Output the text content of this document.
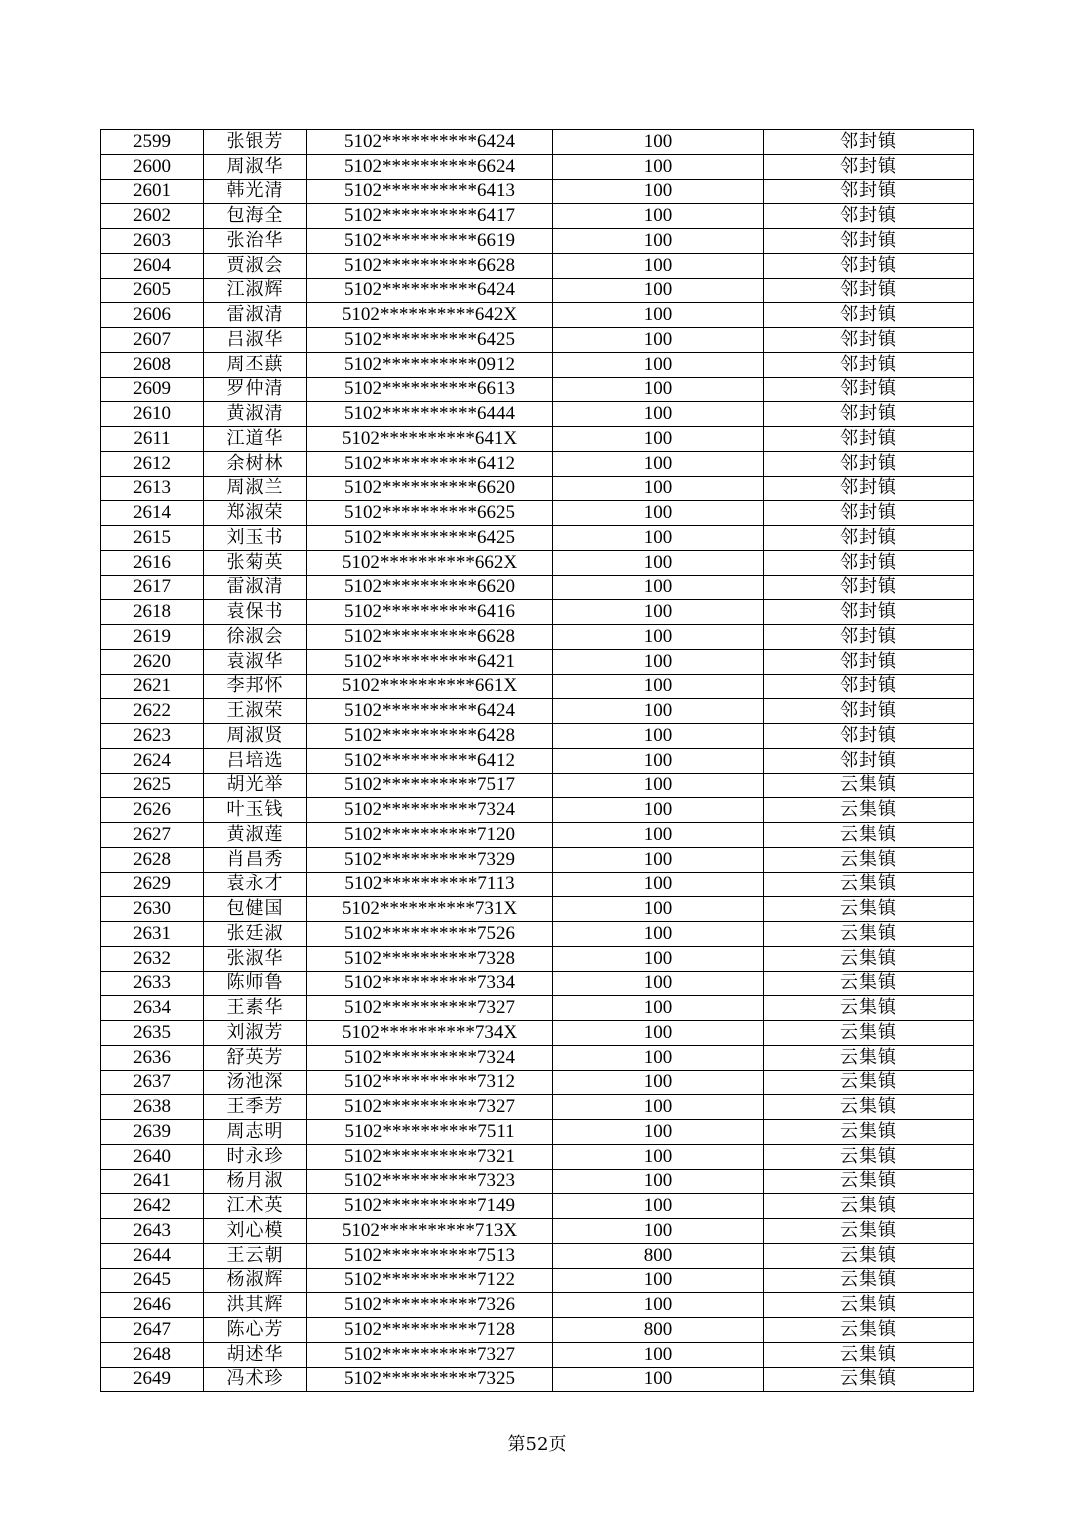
2599	张银芳	5102**********6424	100	邻封镇
2600	周淑华	5102**********6624	100	邻封镇
2601	韩光清	5102**********6413	100	邻封镇
2602	包海全	5102**********6417	100	邻封镇
2603	张治华	5102**********6619	100	邻封镇
2604	贾淑会	5102**********6628	100	邻封镇
2605	江淑辉	5102**********6424	100	邻封镇
2606	雷淑清	5102**********642X	100	邻封镇
2607	吕淑华	5102**********6425	100	邻封镇
2608	周丕蕻	5102**********0912	100	邻封镇
2609	罗仲清	5102**********6613	100	邻封镇
2610	黄淑清	5102**********6444	100	邻封镇
2611	江道华	5102**********641X	100	邻封镇
2612	余树林	5102**********6412	100	邻封镇
2613	周淑兰	5102**********6620	100	邻封镇
2614	郑淑荣	5102**********6625	100	邻封镇
2615	刘玉书	5102**********6425	100	邻封镇
2616	张菊英	5102**********662X	100	邻封镇
2617	雷淑清	5102**********6620	100	邻封镇
2618	袁保书	5102**********6416	100	邻封镇
2619	徐淑会	5102**********6628	100	邻封镇
2620	袁淑华	5102**********6421	100	邻封镇
2621	李邦怀	5102**********661X	100	邻封镇
2622	王淑荣	5102**********6424	100	邻封镇
2623	周淑贤	5102**********6428	100	邻封镇
2624	吕培选	5102**********6412	100	邻封镇
2625	胡光举	5102**********7517	100	云集镇
2626	叶玉钱	5102**********7324	100	云集镇
2627	黄淑莲	5102**********7120	100	云集镇
2628	肖昌秀	5102**********7329	100	云集镇
2629	袁永才	5102**********7113	100	云集镇
2630	包健国	5102**********731X	100	云集镇
2631	张廷淑	5102**********7526	100	云集镇
2632	张淑华	5102**********7328	100	云集镇
2633	陈师鲁	5102**********7334	100	云集镇
2634	王素华	5102**********7327	100	云集镇
2635	刘淑芳	5102**********734X	100	云集镇
2636	舒英芳	5102**********7324	100	云集镇
2637	汤池深	5102**********7312	100	云集镇
2638	王季芳	5102**********7327	100	云集镇
2639	周志明	5102**********7511	100	云集镇
2640	时永珍	5102**********7321	100	云集镇
2641	杨月淑	5102**********7323	100	云集镇
2642	江术英	5102**********7149	100	云集镇
2643	刘心模	5102**********713X	100	云集镇
2644	王云朝	5102**********7513	800	云集镇
2645	杨淑辉	5102**********7122	100	云集镇
2646	洪其辉	5102**********7326	100	云集镇
2647	陈心芳	5102**********7128	800	云集镇
2648	胡述华	5102**********7327	100	云集镇
2649	冯术珍	5102**********7325	100	云集镇
第52页
